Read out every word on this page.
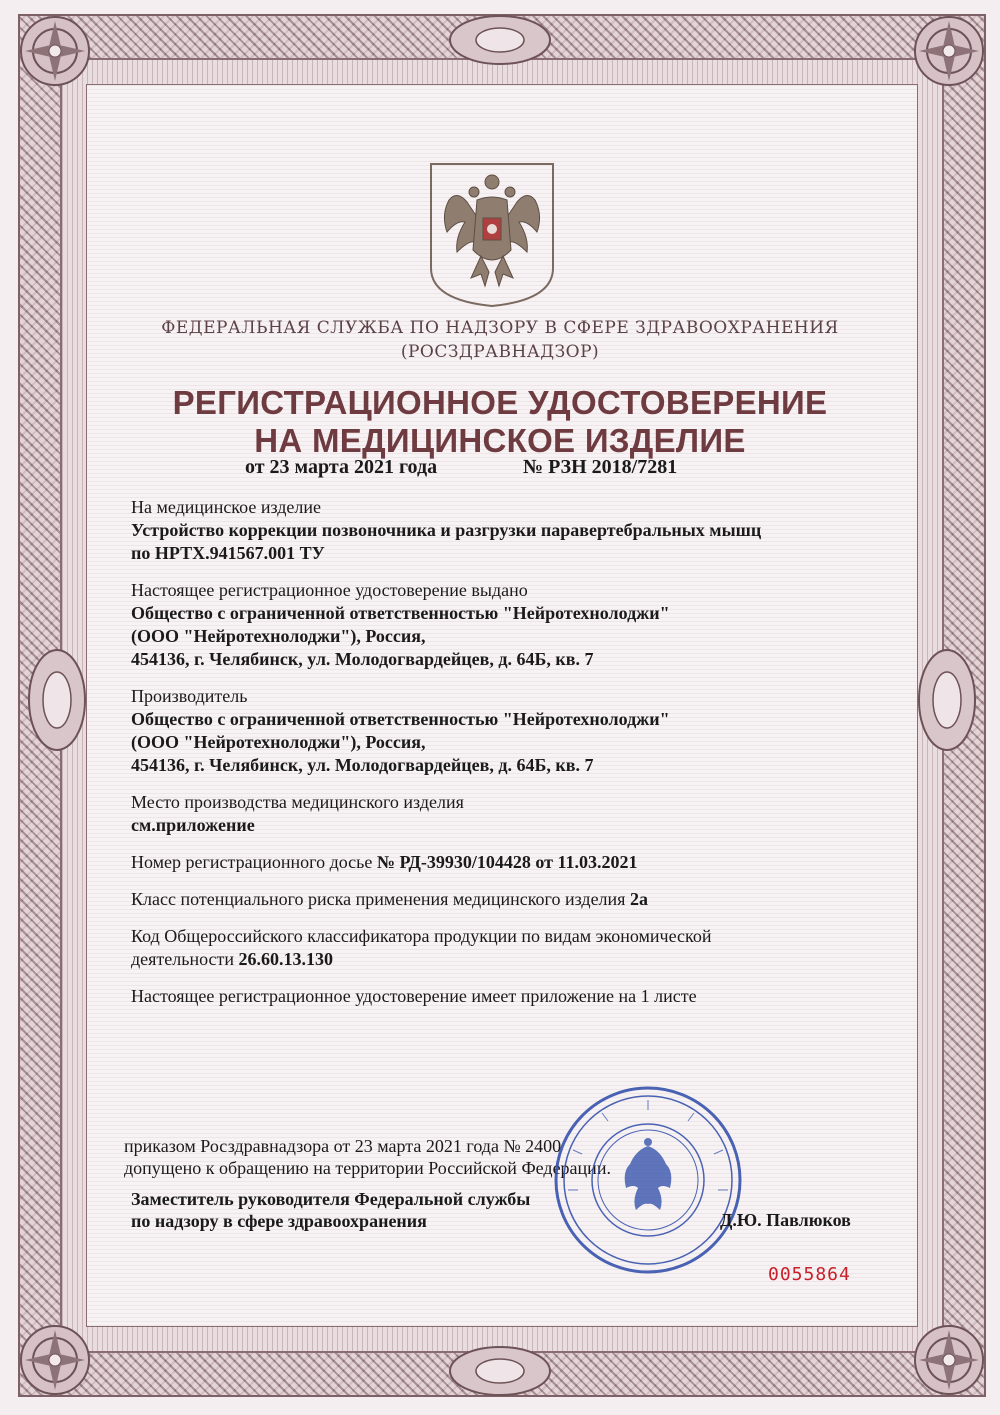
ФЕДЕРАЛЬНАЯ СЛУЖБА ПО НАДЗОРУ В СФЕРЕ ЗДРАВООХРАНЕНИЯ
(РОСЗДРАВНАДЗОР)
РЕГИСТРАЦИОННОЕ УДОСТОВЕРЕНИЕ
НА МЕДИЦИНСКОЕ ИЗДЕЛИЕ
от 23 марта 2021 года	№ РЗН 2018/7281
На медицинское изделие
Устройство коррекции позвоночника и разгрузки паравертебральных мышц
по НРТХ.941567.001 ТУ
Настоящее регистрационное удостоверение выдано
Общество с ограниченной ответственностью "Нейротехнолоджи"
(ООО "Нейротехнолоджи"), Россия,
454136, г. Челябинск, ул. Молодогвардейцев, д. 64Б, кв. 7
Производитель
Общество с ограниченной ответственностью "Нейротехнолоджи"
(ООО "Нейротехнолоджи"), Россия,
454136, г. Челябинск, ул. Молодогвардейцев, д. 64Б, кв. 7
Место производства медицинского изделия
см.приложение
Номер регистрационного досье № РД-39930/104428 от 11.03.2021
Класс потенциального риска применения медицинского изделия 2а
Код Общероссийского классификатора продукции по видам экономической
деятельности 26.60.13.130
Настоящее регистрационное удостоверение имеет приложение на 1 листе
приказом Росздравнадзора от 23 марта 2021 года № 2400
допущено к обращению на территории Российской Федерации.
Заместитель руководителя Федеральной службы
по надзору в сфере здравоохранения	Д.Ю. Павлюков
0055864
